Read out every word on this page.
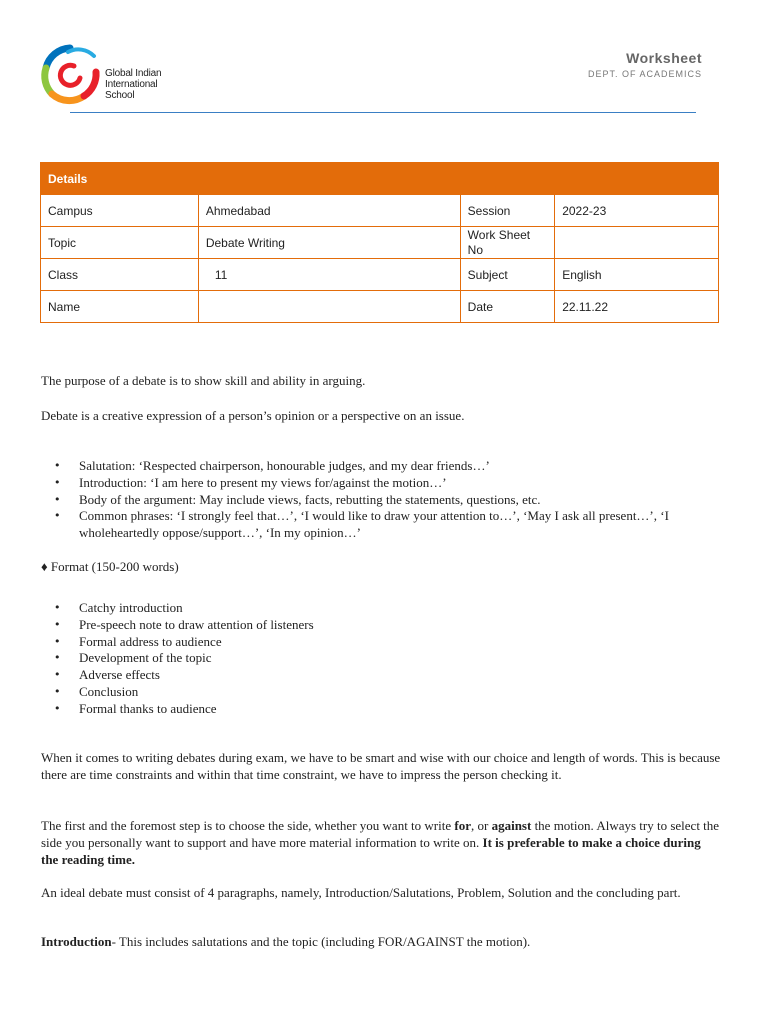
Global Indian
International
School
Worksheet
DEPT. OF ACADEMICS
Details			
Campus	Ahmedabad	Session	2022-23
Topic	Debate Writing	Work Sheet No	
Class	11	Subject	English
Name		Date	22.11.22

The purpose of a debate is to show skill and ability in arguing.

Debate is a creative expression of a person’s opinion or a perspective on an issue.

• Salutation: ‘Respected chairperson, honourable judges, and my dear friends…’
• Introduction: ‘I am here to present my views for/against the motion…’
• Body of the argument: May include views, facts, rebutting the statements, questions, etc.
• Common phrases: ‘I strongly feel that…’, ‘I would like to draw your attention to…’, ‘May I ask all present…’, ‘I wholeheartedly oppose/support…’, ‘In my opinion…’

♦ Format (150-200 words)

• Catchy introduction
• Pre-speech note to draw attention of listeners
• Formal address to audience
• Development of the topic
• Adverse effects
• Conclusion
• Formal thanks to audience

When it comes to writing debates during exam, we have to be smart and wise with our choice and length of words. This is because there are time constraints and within that time constraint, we have to impress the person checking it.

The first and the foremost step is to choose the side, whether you want to write for, or against the motion. Always try to select the side you personally want to support and have more material information to write on. It is preferable to make a choice during the reading time.

An ideal debate must consist of 4 paragraphs, namely, Introduction/Salutations, Problem, Solution and the concluding part.

Introduction- This includes salutations and the topic (including FOR/AGAINST the motion).
